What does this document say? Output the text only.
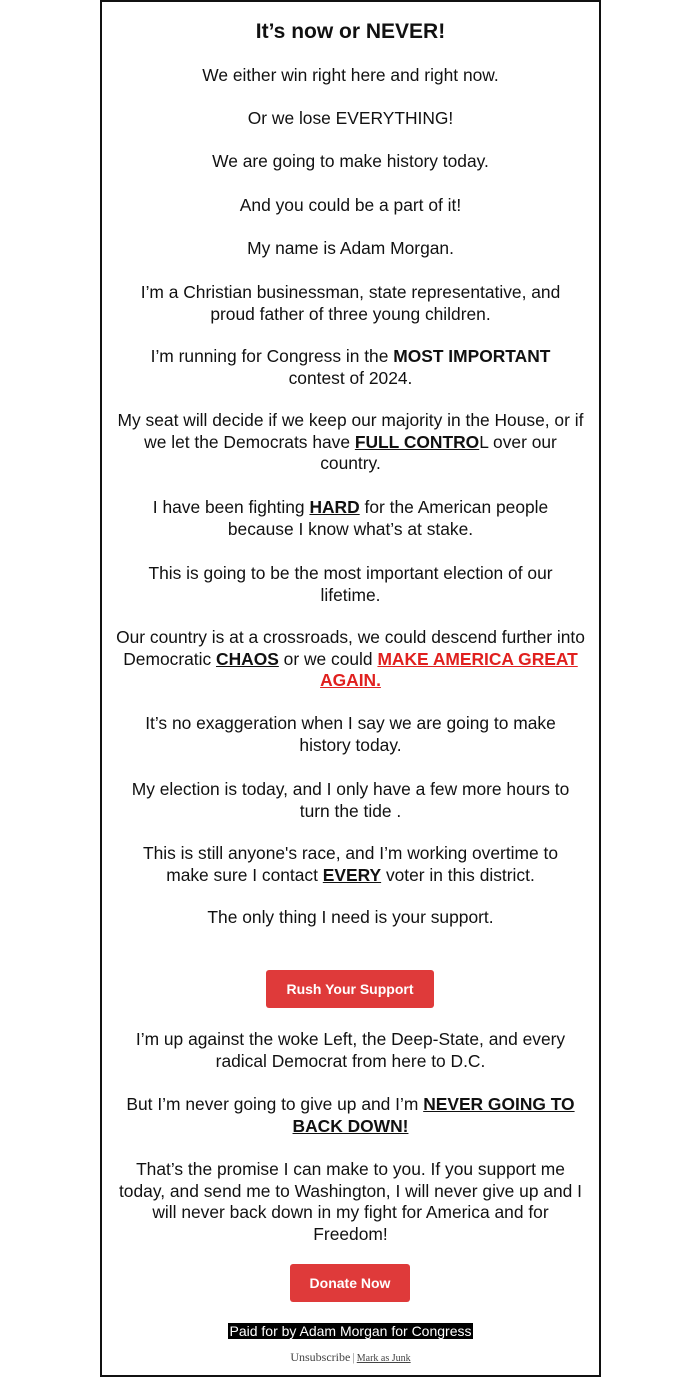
It’s now or NEVER!

We either win right here and right now.

Or we lose EVERYTHING!

We are going to make history today.

And you could be a part of it!

My name is Adam Morgan.

I’m a Christian businessman, state representative, and proud father of three young children.

I’m running for Congress in the MOST IMPORTANT contest of 2024.

My seat will decide if we keep our majority in the House, or if we let the Democrats have FULL CONTROL over our country.

I have been fighting HARD for the American people because I know what’s at stake.

This is going to be the most important election of our lifetime.

Our country is at a crossroads, we could descend further into Democratic CHAOS or we could MAKE AMERICA GREAT AGAIN.

It’s no exaggeration when I say we are going to make history today.

My election is today, and I only have a few more hours to turn the tide .

This is still anyone's race, and I’m working overtime to make sure I contact EVERY voter in this district.

The only thing I need is your support.

Rush Your Support

I’m up against the woke Left, the Deep-State, and every radical Democrat from here to D.C.

But I’m never going to give up and I’m NEVER GOING TO BACK DOWN!

That’s the promise I can make to you. If you support me today, and send me to Washington, I will never give up and I will never back down in my fight for America and for Freedom!

Donate Now
Paid for by Adam Morgan for Congress
Unsubscribe | Mark as Junk
